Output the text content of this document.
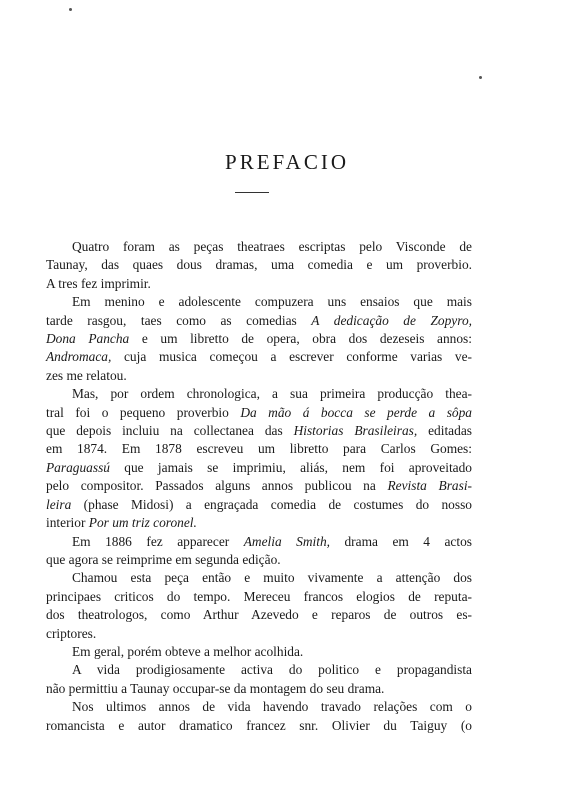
PREFACIO
Quatro foram as peças theatraes escriptas pelo Visconde de
Taunay, das quaes dous dramas, uma comedia e um proverbio.
A tres fez imprimir.
Em menino e adolescente compuzera uns ensaios que mais
tarde rasgou, taes como as comedias A dedicação de Zopyro,
Dona Pancha e um libretto de opera, obra dos dezeseis annos:
Andromaca, cuja musica começou a escrever conforme varias ve-
zes me relatou.
Mas, por ordem chronologica, a sua primeira producção thea-
tral foi o pequeno proverbio Da mão á bocca se perde a sôpa
que depois incluiu na collectanea das Historias Brasileiras, editadas
em 1874. Em 1878 escreveu um libretto para Carlos Gomes:
Paraguassú que jamais se imprimiu, aliás, nem foi aproveitado
pelo compositor. Passados alguns annos publicou na Revista Brasi-
leira (phase Midosi) a engraçada comedia de costumes do nosso
interior Por um triz coronel.
Em 1886 fez apparecer Amelia Smith, drama em 4 actos
que agora se reimprime em segunda edição.
Chamou esta peça então e muito vivamente a attenção dos
principaes criticos do tempo. Mereceu francos elogios de reputa-
dos theatrologos, como Arthur Azevedo e reparos de outros es-
criptores.
Em geral, porém obteve a melhor acolhida.
A vida prodigiosamente activa do politico e propagandista
não permittiu a Taunay occupar-se da montagem do seu drama.
Nos ultimos annos de vida havendo travado relações com o
romancista e autor dramatico francez snr. Olivier du Taiguy (o
